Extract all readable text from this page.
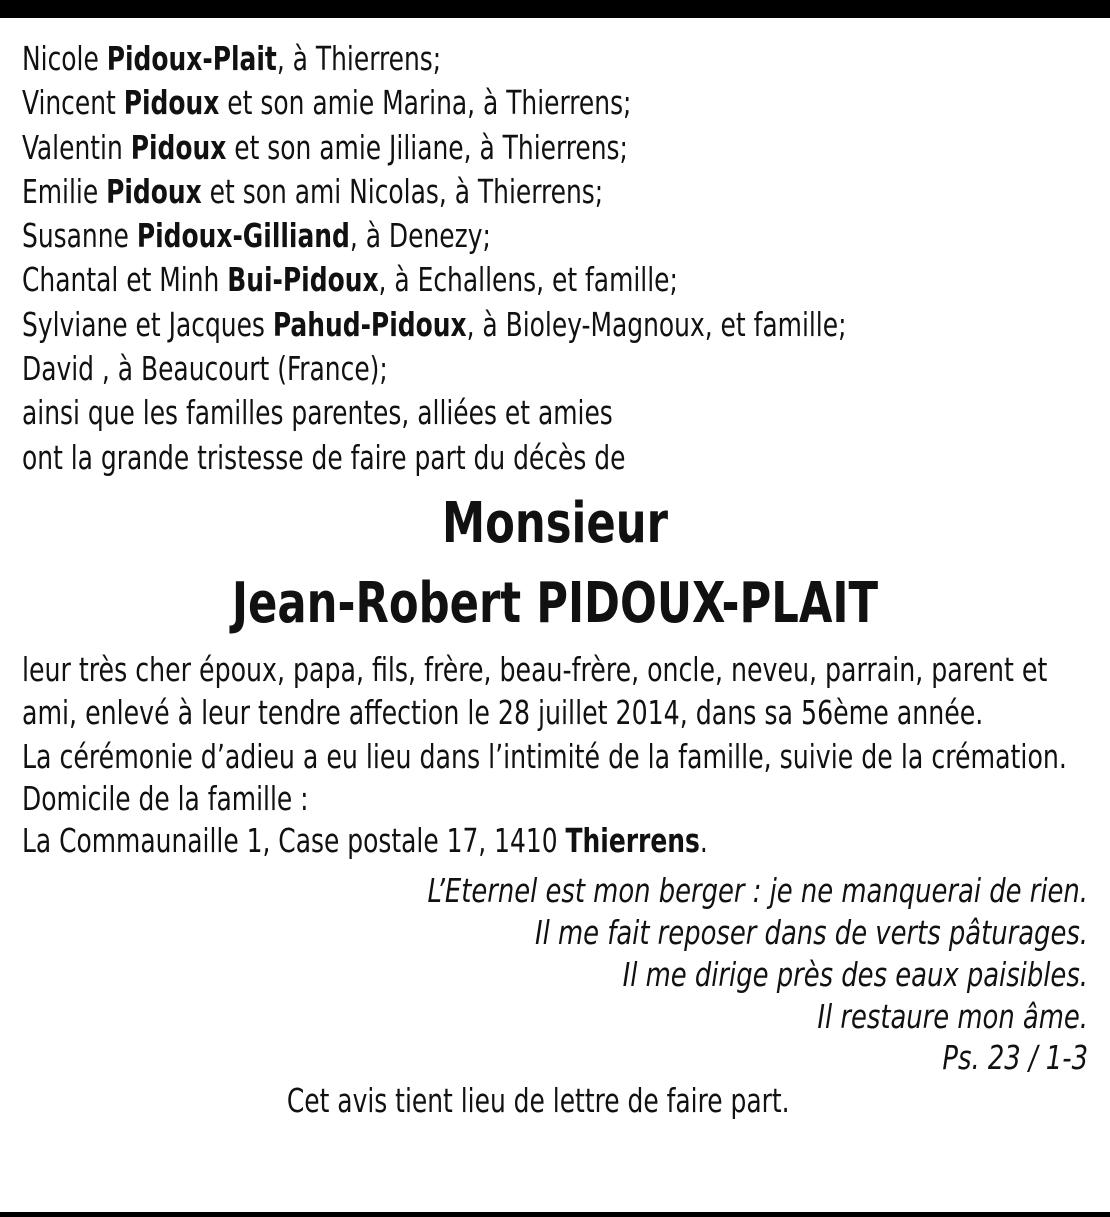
Nicole Pidoux-Plait, à Thierrens;
Vincent Pidoux et son amie Marina, à Thierrens;
Valentin Pidoux et son amie Jiliane, à Thierrens;
Emilie Pidoux et son ami Nicolas, à Thierrens;
Susanne Pidoux-Gilliand, à Denezy;
Chantal et Minh Bui-Pidoux, à Echallens, et famille;
Sylviane et Jacques Pahud-Pidoux, à Bioley-Magnoux, et famille;
David , à Beaucourt (France);
ainsi que les familles parentes, alliées et amies
ont la grande tristesse de faire part du décès de
Monsieur
Jean-Robert PIDOUX-PLAIT
leur très cher époux, papa, fils, frère, beau-frère, oncle, neveu, parrain, parent et ami, enlevé à leur tendre affection le 28 juillet 2014, dans sa 56ème année.
La cérémonie d’adieu a eu lieu dans l’intimité de la famille, suivie de la crémation.
Domicile de la famille :
La Commaunaille 1, Case postale 17, 1410 Thierrens.
L’Eternel est mon berger : je ne manquerai de rien.
Il me fait reposer dans de verts pâturages.
Il me dirige près des eaux paisibles.
Il restaure mon âme.
Ps. 23 / 1-3
Cet avis tient lieu de lettre de faire part.
